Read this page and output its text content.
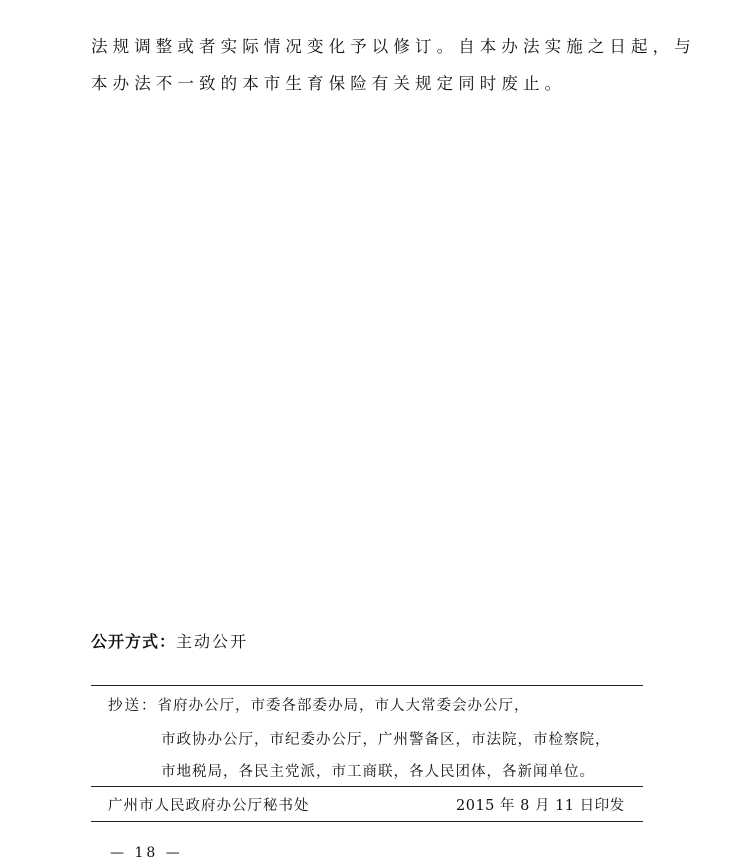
法规调整或者实际情况变化予以修订。自本办法实施之日起，与
本办法不一致的本市生育保险有关规定同时废止。
公开方式：主动公开
抄送：省府办公厅，市委各部委办局，市人大常委会办公厅，
市政协办公厅，市纪委办公厅，广州警备区，市法院，市检察院，
市地税局，各民主党派，市工商联，各人民团体，各新闻单位。
广州市人民政府办公厅秘书处	2015 年 8 月 11 日印发
— 18 —
